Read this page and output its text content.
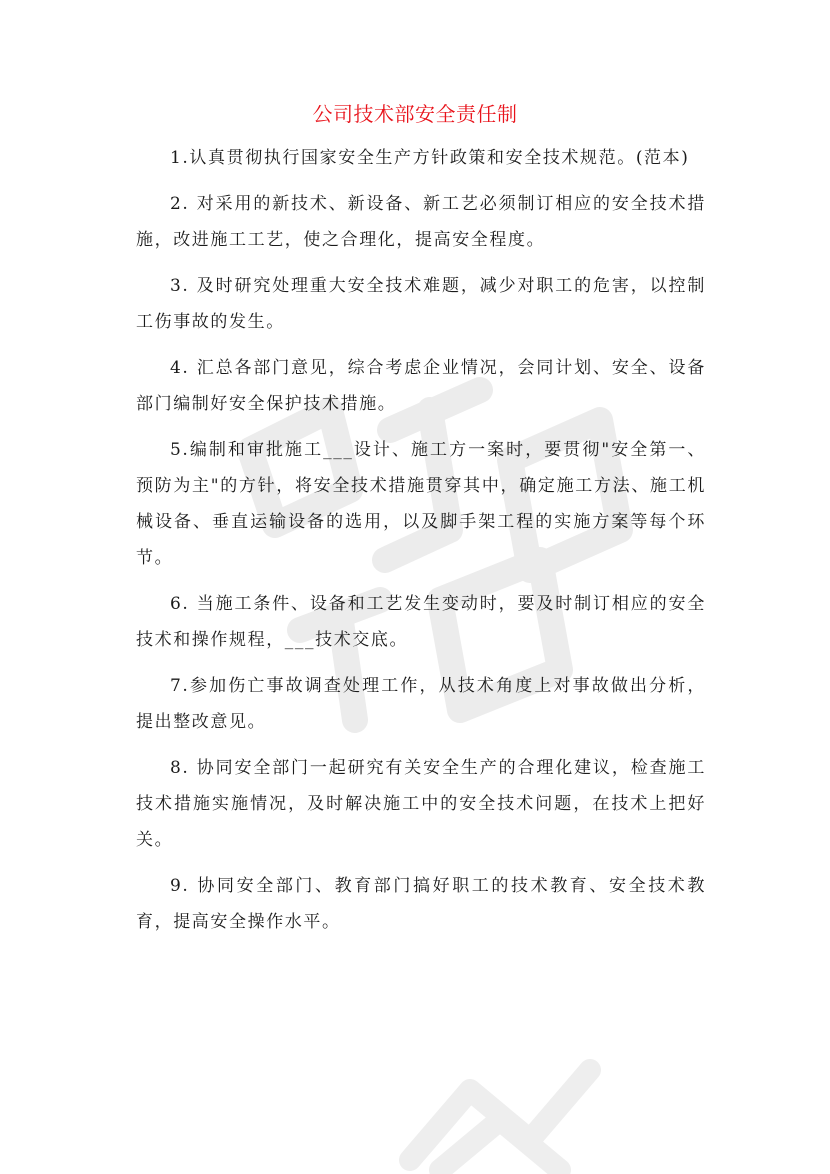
公司技术部安全责任制

1.认真贯彻执行国家安全生产方针政策和安全技术规范。(范本)

2. 对采用的新技术、新设备、新工艺必须制订相应的安全技术措施，改进施工工艺，使之合理化，提高安全程度。

3. 及时研究处理重大安全技术难题，减少对职工的危害，以控制工伤事故的发生。

4. 汇总各部门意见，综合考虑企业情况，会同计划、安全、设备部门编制好安全保护技术措施。

5.编制和审批施工___设计、施工方一案时，要贯彻"安全第一、预防为主"的方针，将安全技术措施贯穿其中，确定施工方法、施工机械设备、垂直运输设备的选用，以及脚手架工程的实施方案等每个环节。

6. 当施工条件、设备和工艺发生变动时，要及时制订相应的安全技术和操作规程，___技术交底。

7.参加伤亡事故调查处理工作，从技术角度上对事故做出分析，提出整改意见。

8. 协同安全部门一起研究有关安全生产的合理化建议，检查施工技术措施实施情况，及时解决施工中的安全技术问题，在技术上把好关。

9. 协同安全部门、教育部门搞好职工的技术教育、安全技术教育，提高安全操作水平。
